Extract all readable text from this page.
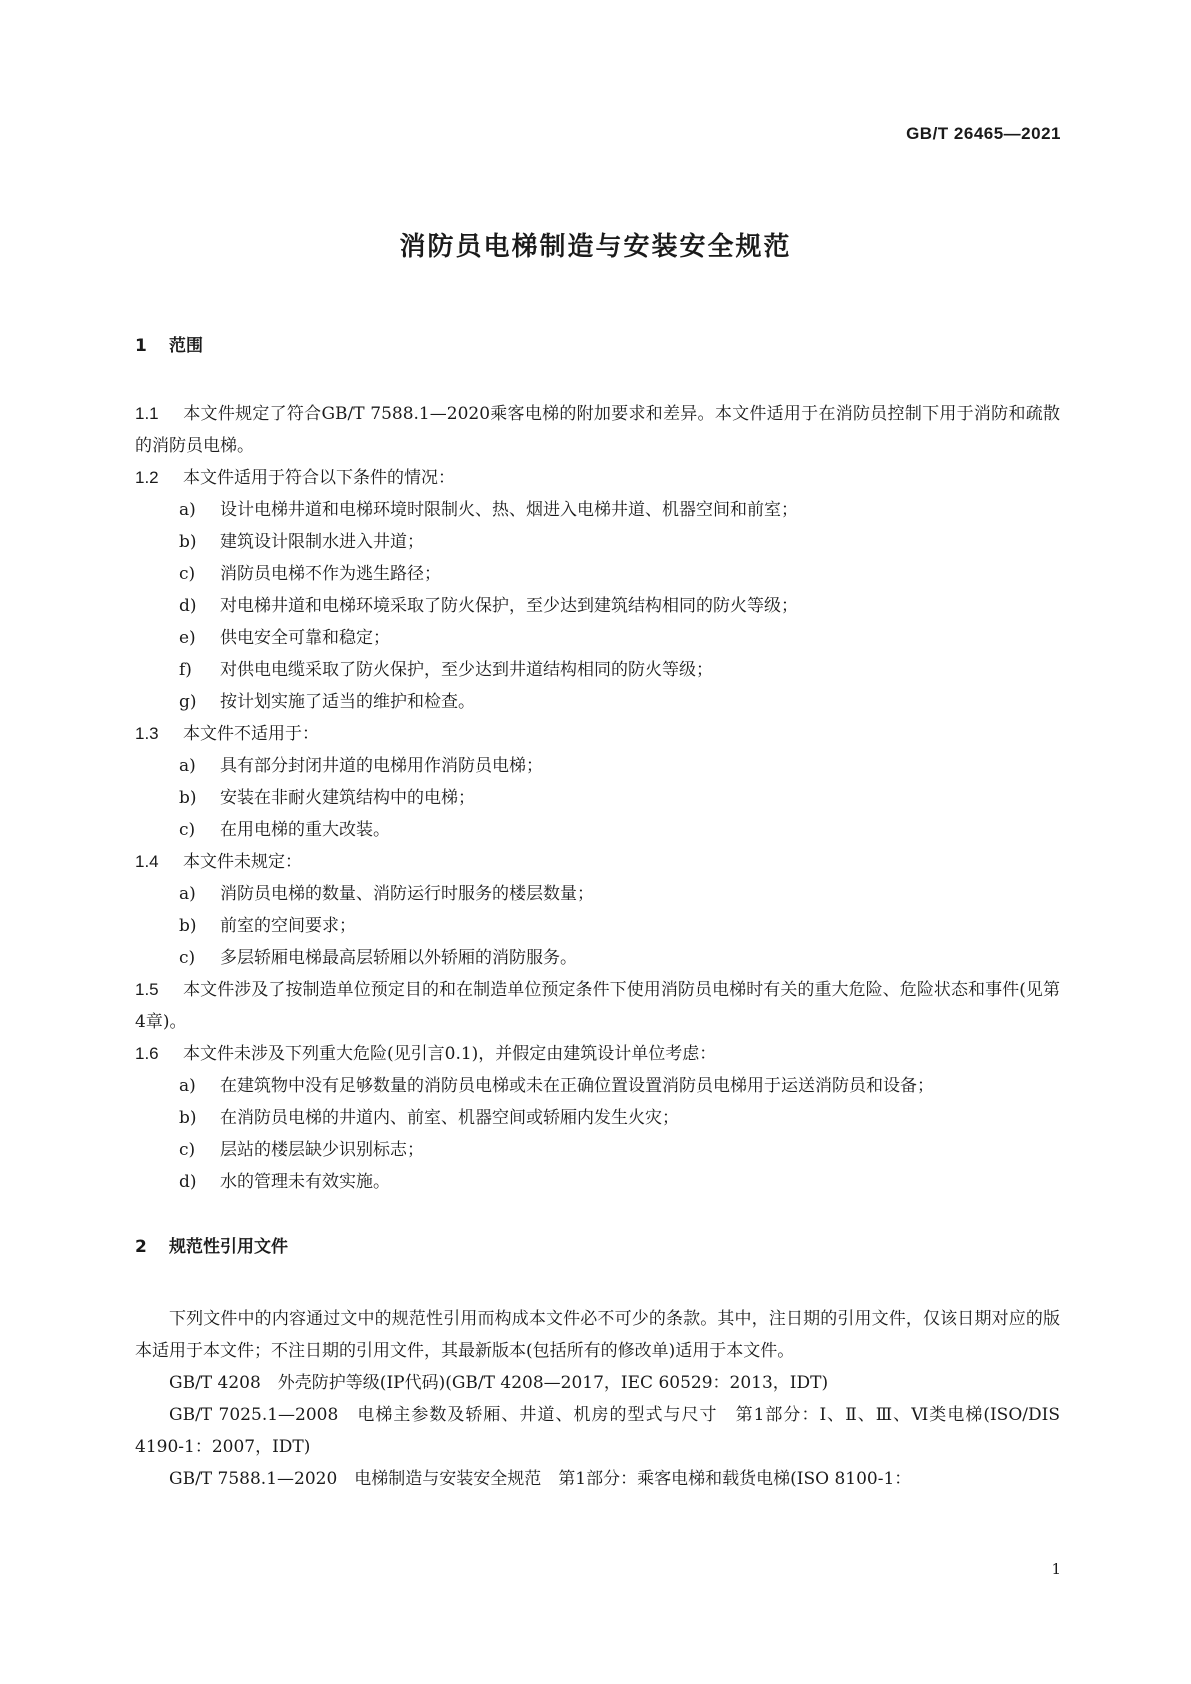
GB/T 26465—2021
消防员电梯制造与安装安全规范
1 范围
1.1 本文件规定了符合GB/T 7588.1—2020乘客电梯的附加要求和差异。本文件适用于在消防员控制下用于消防和疏散的消防员电梯。
1.2 本文件适用于符合以下条件的情况：
a) 设计电梯井道和电梯环境时限制火、热、烟进入电梯井道、机器空间和前室；
b) 建筑设计限制水进入井道；
c) 消防员电梯不作为逃生路径；
d) 对电梯井道和电梯环境采取了防火保护，至少达到建筑结构相同的防火等级；
e) 供电安全可靠和稳定；
f) 对供电电缆采取了防火保护，至少达到井道结构相同的防火等级；
g) 按计划实施了适当的维护和检查。
1.3 本文件不适用于：
a) 具有部分封闭井道的电梯用作消防员电梯；
b) 安装在非耐火建筑结构中的电梯；
c) 在用电梯的重大改装。
1.4 本文件未规定：
a) 消防员电梯的数量、消防运行时服务的楼层数量；
b) 前室的空间要求；
c) 多层轿厢电梯最高层轿厢以外轿厢的消防服务。
1.5 本文件涉及了按制造单位预定目的和在制造单位预定条件下使用消防员电梯时有关的重大危险、危险状态和事件(见第4章)。
1.6 本文件未涉及下列重大危险(见引言0.1)，并假定由建筑设计单位考虑：
a) 在建筑物中没有足够数量的消防员电梯或未在正确位置设置消防员电梯用于运送消防员和设备；
b) 在消防员电梯的井道内、前室、机器空间或轿厢内发生火灾；
c) 层站的楼层缺少识别标志；
d) 水的管理未有效实施。
2 规范性引用文件
下列文件中的内容通过文中的规范性引用而构成本文件必不可少的条款。其中，注日期的引用文件，仅该日期对应的版本适用于本文件；不注日期的引用文件，其最新版本(包括所有的修改单)适用于本文件。
GB/T 4208　外壳防护等级(IP代码)(GB/T 4208—2017，IEC 60529：2013，IDT)
GB/T 7025.1—2008　电梯主参数及轿厢、井道、机房的型式与尺寸　第1部分：Ⅰ、Ⅱ、Ⅲ、Ⅵ类电梯(ISO/DIS 4190-1：2007，IDT)
GB/T 7588.1—2020　电梯制造与安装安全规范　第1部分：乘客电梯和载货电梯(ISO 8100-1：
1
